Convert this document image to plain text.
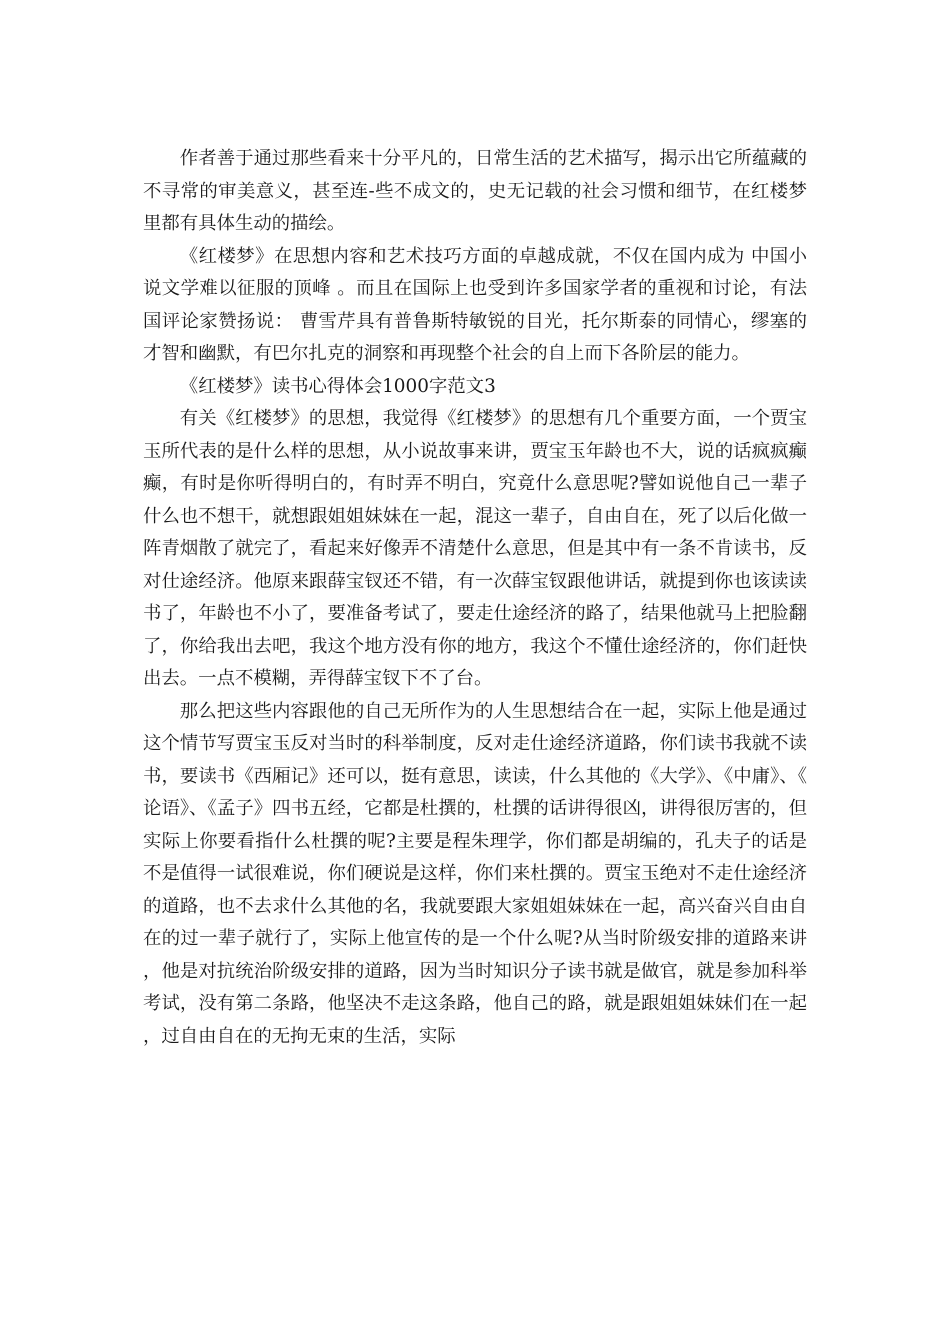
作者善于通过那些看来十分平凡的，日常生活的艺术描写，揭示出它所蕴藏的不寻常的审美意义，甚至连-些不成文的，史无记载的社会习惯和细节，在红楼梦里都有具体生动的描绘。

《红楼梦》在思想内容和艺术技巧方面的卓越成就，不仅在国内成为 中国小说文学难以征服的顶峰 。而且在国际上也受到许多国家学者的重视和讨论，有法国评论家赞扬说： 曹雪芹具有普鲁斯特敏锐的目光，托尔斯泰的同情心，缪塞的才智和幽默，有巴尔扎克的洞察和再现整个社会的自上而下各阶层的能力。

《红楼梦》读书心得体会1000字范文3

有关《红楼梦》的思想，我觉得《红楼梦》的思想有几个重要方面，一个贾宝玉所代表的是什么样的思想，从小说故事来讲，贾宝玉年龄也不大，说的话疯疯癫癫，有时是你听得明白的，有时弄不明白，究竟什么意思呢?譬如说他自己一辈子什么也不想干，就想跟姐姐妹妹在一起，混这一辈子，自由自在，死了以后化做一阵青烟散了就完了，看起来好像弄不清楚什么意思，但是其中有一条不肯读书，反对仕途经济。他原来跟薛宝钗还不错，有一次薛宝钗跟他讲话，就提到你也该读读书了，年龄也不小了，要准备考试了，要走仕途经济的路了，结果他就马上把脸翻了，你给我出去吧，我这个地方没有你的地方，我这个不懂仕途经济的，你们赶快出去。一点不模糊，弄得薛宝钗下不了台。

那么把这些内容跟他的自己无所作为的人生思想结合在一起，实际上他是通过这个情节写贾宝玉反对当时的科举制度，反对走仕途经济道路，你们读书我就不读书，要读书《西厢记》还可以，挺有意思，读读，什么其他的《大学》、《中庸》、《论语》、《孟子》四书五经，它都是杜撰的，杜撰的话讲得很凶，讲得很厉害的，但实际上你要看指什么杜撰的呢?主要是程朱理学，你们都是胡编的，孔夫子的话是不是值得一试很难说，你们硬说是这样，你们来杜撰的。贾宝玉绝对不走仕途经济的道路，也不去求什么其他的名，我就要跟大家姐姐妹妹在一起，高兴奋兴自由自在的过一辈子就行了，实际上他宣传的是一个什么呢?从当时阶级安排的道路来讲，他是对抗统治阶级安排的道路，因为当时知识分子读书就是做官，就是参加科举考试，没有第二条路，他坚决不走这条路，他自己的路，就是跟姐姐妹妹们在一起，过自由自在的无拘无束的生活，实际
